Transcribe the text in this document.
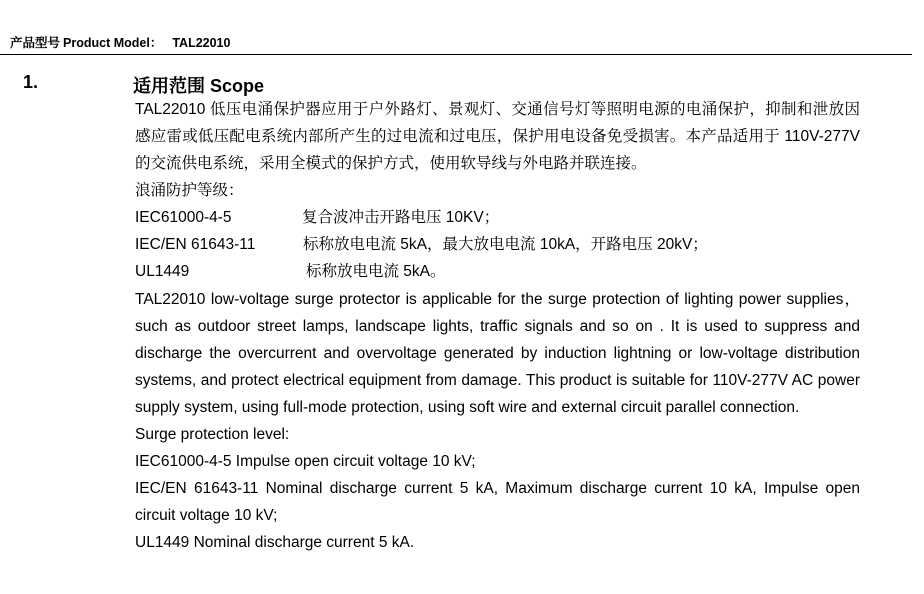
产品型号 Product Model： TAL22010
1.	适用范围 Scope

TAL22010 低压电涌保护器应用于户外路灯、景观灯、交通信号灯等照明电源的电涌保护，抑制和泄放因感应雷或低压配电系统内部所产生的过电流和过电压，保护用电设备免受损害。本产品适用于 110V-277V 的交流供电系统，采用全模式的保护方式，使用软导线与外电路并联连接。

浪涌防护等级：
IEC61000-4-5	复合波冲击开路电压 10KV；
IEC/EN 61643-11	标称放电电流 5kA，最大放电电流 10kA，开路电压 20kV；
UL1449	标称放电电流 5kA。

TAL22010 low-voltage surge protector is applicable for the surge protection of lighting power supplies，such as outdoor street lamps, landscape lights, traffic signals and so on . It is used to suppress and discharge the overcurrent and overvoltage generated by induction lightning or low-voltage distribution systems, and protect electrical equipment from damage. This product is suitable for 110V-277V AC power supply system, using full-mode protection, using soft wire and external circuit parallel connection.

Surge protection level:

IEC61000-4-5 Impulse open circuit voltage 10 kV;

IEC/EN 61643-11 Nominal discharge current 5 kA, Maximum discharge current 10 kA, Impulse open circuit voltage 10 kV;

UL1449 Nominal discharge current 5 kA.
